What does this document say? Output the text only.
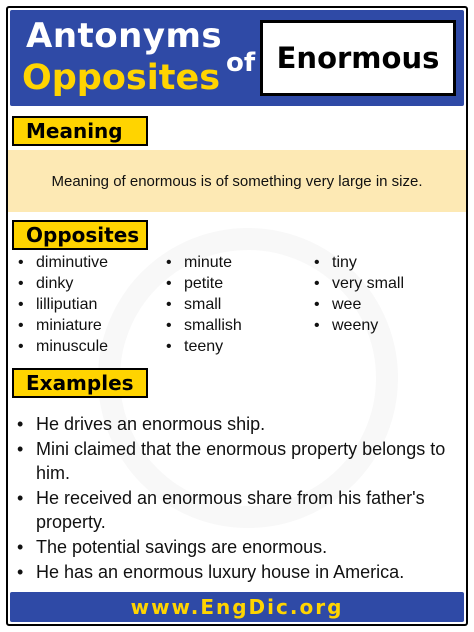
Antonyms
Opposites of Enormous
Meaning
Meaning of enormous is of something very large in size.
Opposites
• diminutive
• dinky
• lilliputian
• miniature
• minuscule
• minute
• petite
• small
• smallish
• teeny
• tiny
• very small
• wee
• weeny
Examples
• He drives an enormous ship.
• Mini claimed that the enormous property belongs to him.
• He received an enormous share from his father's property.
• The potential savings are enormous.
• He has an enormous luxury house in America.
www.EngDic.org
